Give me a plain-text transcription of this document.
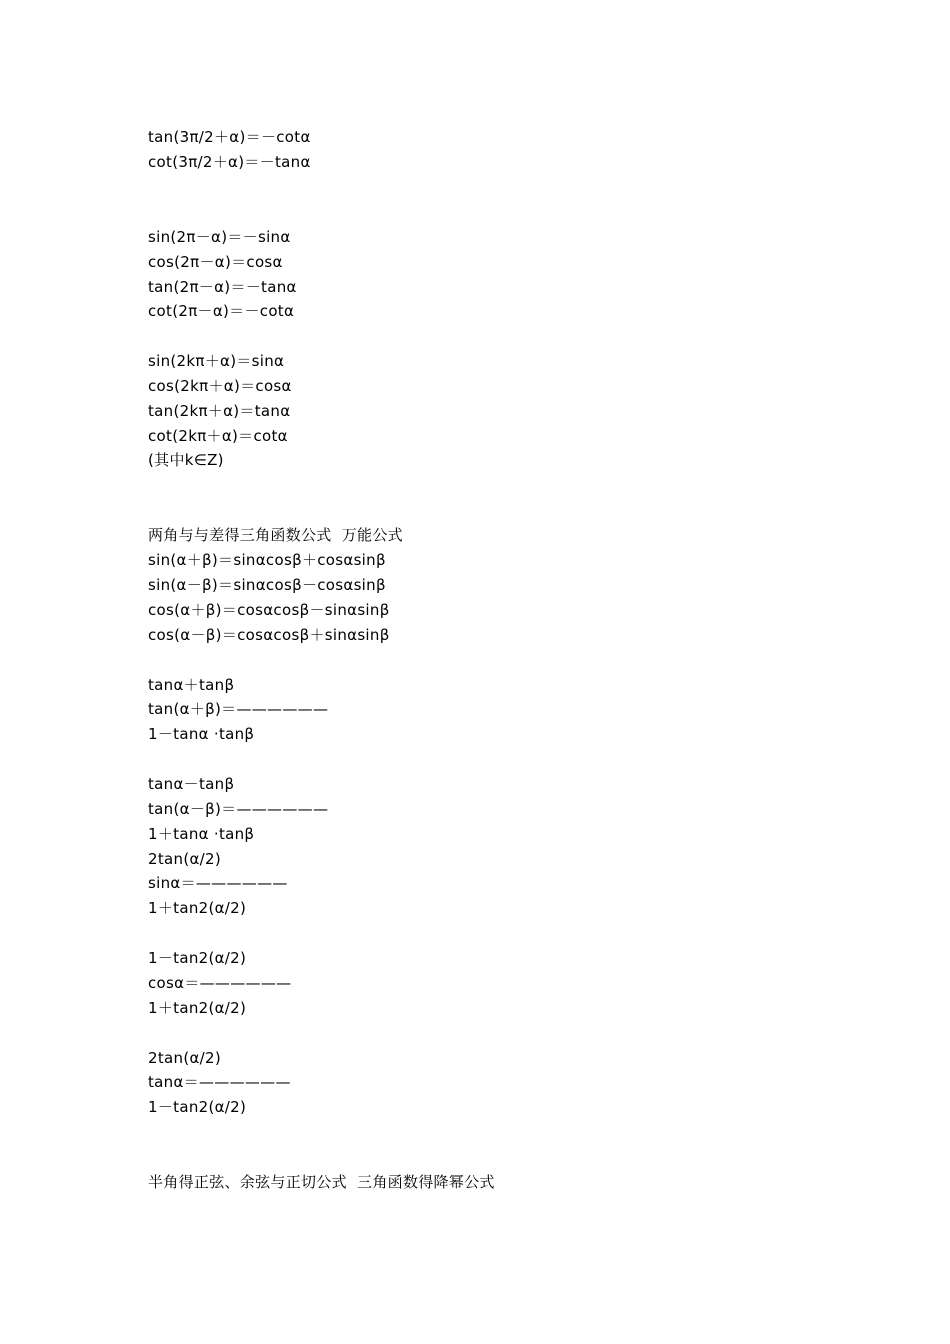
tan(3π/2＋α)＝－cotα
cot(3π/2＋α)＝－tanα
sin(2π－α)＝－sinα
cos(2π－α)＝cosα
tan(2π－α)＝－tanα
cot(2π－α)＝－cotα
sin(2kπ＋α)＝sinα
cos(2kπ＋α)＝cosα
tan(2kπ＋α)＝tanα
cot(2kπ＋α)＝cotα
(其中k∈Z)
两角与与差得三角函数公式  万能公式
sin(α＋β)＝sinαcosβ＋cosαsinβ
sin(α－β)＝sinαcosβ－cosαsinβ
cos(α＋β)＝cosαcosβ－sinαsinβ
cos(α－β)＝cosαcosβ＋sinαsinβ
tanα＋tanβ
tan(α＋β)＝——————
1－tanα ·tanβ
tanα－tanβ
tan(α－β)＝——————
1＋tanα ·tanβ
2tan(α/2)
sinα＝——————
1＋tan2(α/2)
1－tan2(α/2)
cosα＝——————
1＋tan2(α/2)
2tan(α/2)
tanα＝——————
1－tan2(α/2)
半角得正弦、余弦与正切公式  三角函数得降幂公式
